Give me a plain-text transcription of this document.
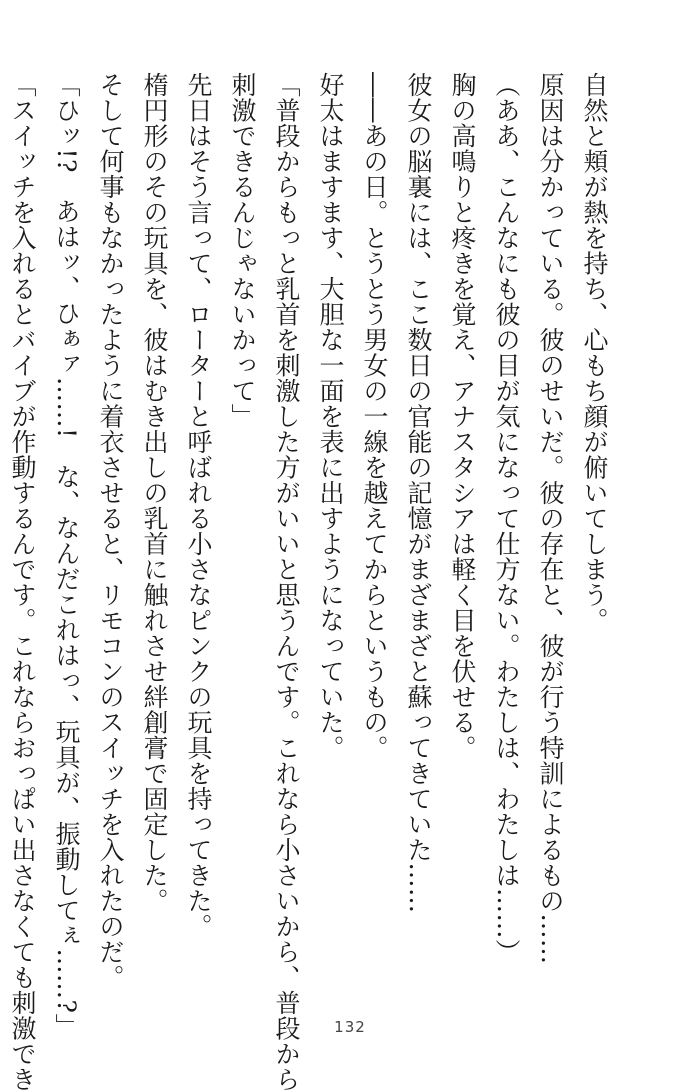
自然と頬が熱を持ち、心もち顔が俯いてしまう。

原因は分かっている。彼のせいだ。彼の存在と、彼が行う特訓によるもの……

（ああ、こんなにも彼の目が気になって仕方ない。わたしは、わたしは……）

胸の高鳴りと疼きを覚え、アナスタシアは軽く目を伏せる。

彼女の脳裏には、ここ数日の官能の記憶がまざまざと蘇ってきていた……

――あの日。とうとう男女の一線を越えてからというもの。

好太はますます、大胆な一面を表に出すようになっていた。

「普段からもっと乳首を刺激した方がいいと思うんです。これなら小さいから、普段から

刺激できるんじゃないかって」

先日はそう言って、ローターと呼ばれる小さなピンクの玩具を持ってきた。

楕円形のその玩具を、彼はむき出しの乳首に触れさせ絆創膏で固定した。

そして何事もなかったように着衣させると、リモコンのスイッチを入れたのだ。

「ひッ!?　あはッ、ひぁァ……!　な、なんだこれはっ、玩具が、振動してぇ……?」

「スイッチを入れるとバイブが作動するんです。これならおっぱい出さなくても刺激でき	132
